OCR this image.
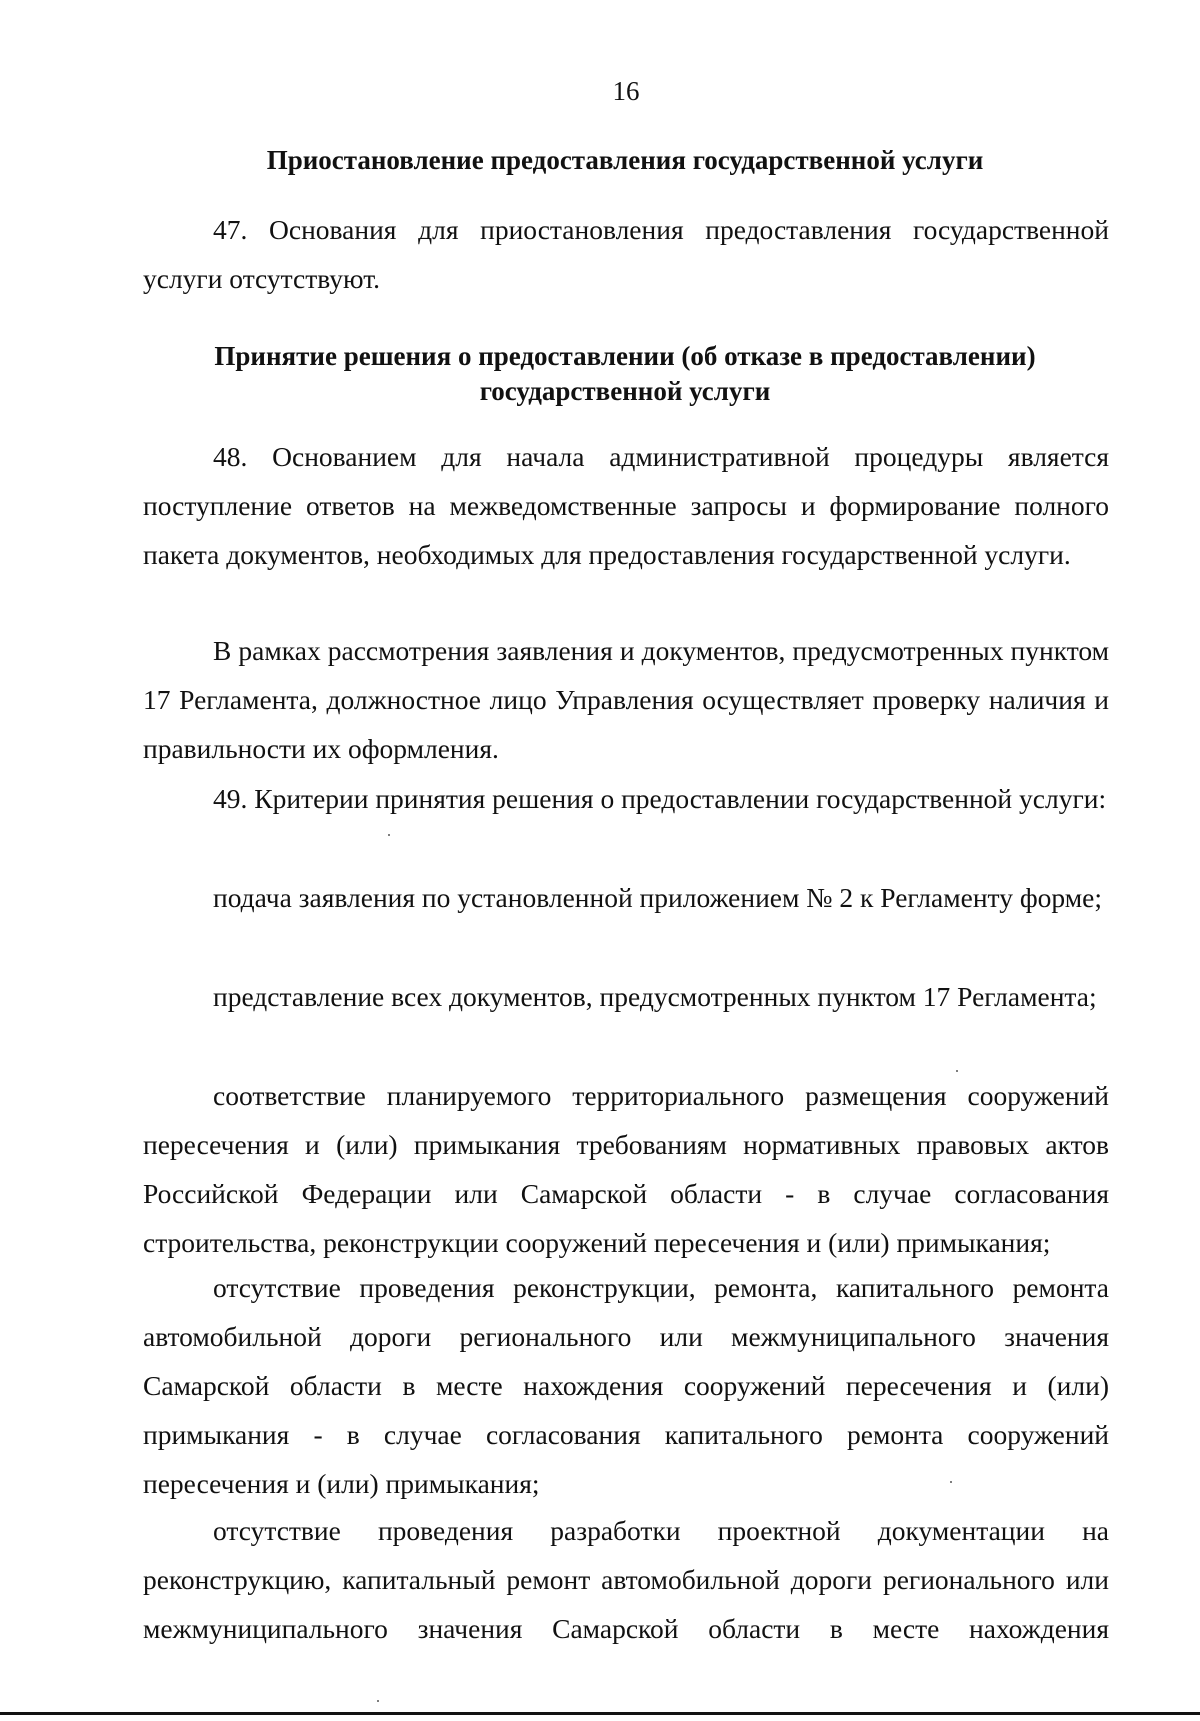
16
Приостановление предоставления государственной услуги

47. Основания для приостановления предоставления государственной услуги отсутствуют.

Принятие решения о предоставлении (об отказе в предоставлении)
государственной услуги

48. Основанием для начала административной процедуры является поступление ответов на межведомственные запросы и формирование полного пакета документов, необходимых для предоставления государственной услуги.

В рамках рассмотрения заявления и документов, предусмотренных пунктом 17 Регламента, должностное лицо Управления осуществляет проверку наличия и правильности их оформления.

49. Критерии принятия решения о предоставлении государственной услуги:

подача заявления по установленной приложением № 2 к Регламенту форме;

представление всех документов, предусмотренных пунктом 17 Регламента;

соответствие планируемого территориального размещения сооружений пересечения и (или) примыкания требованиям нормативных правовых актов Российской Федерации или Самарской области - в случае согласования строительства, реконструкции сооружений пересечения и (или) примыкания;

отсутствие проведения реконструкции, ремонта, капитального ремонта автомобильной дороги регионального или межмуниципального значения Самарской области в месте нахождения сооружений пересечения и (или) примыкания - в случае согласования капитального ремонта сооружений пересечения и (или) примыкания;

отсутствие проведения разработки проектной документации на реконструкцию, капитальный ремонт автомобильной дороги регионального или межмуниципального значения Самарской области в месте нахождения
